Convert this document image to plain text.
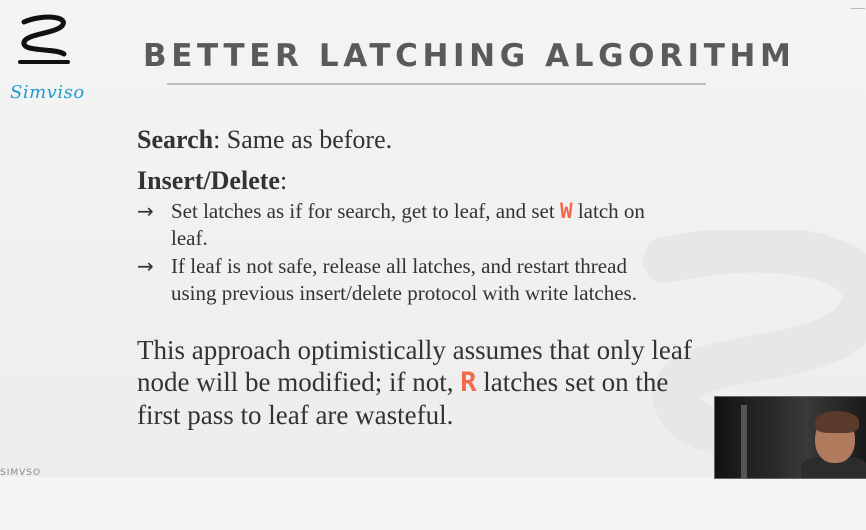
Simviso
BETTER LATCHING ALGORITHM
Search: Same as before.
Insert/Delete:
→ Set latches as if for search, get to leaf, and set W latch on
leaf.
→ If leaf is not safe, release all latches, and restart thread
using previous insert/delete protocol with write latches.
This approach optimistically assumes that only leaf
node will be modified; if not, R latches set on the
first pass to leaf are wasteful.
SIMVSO
